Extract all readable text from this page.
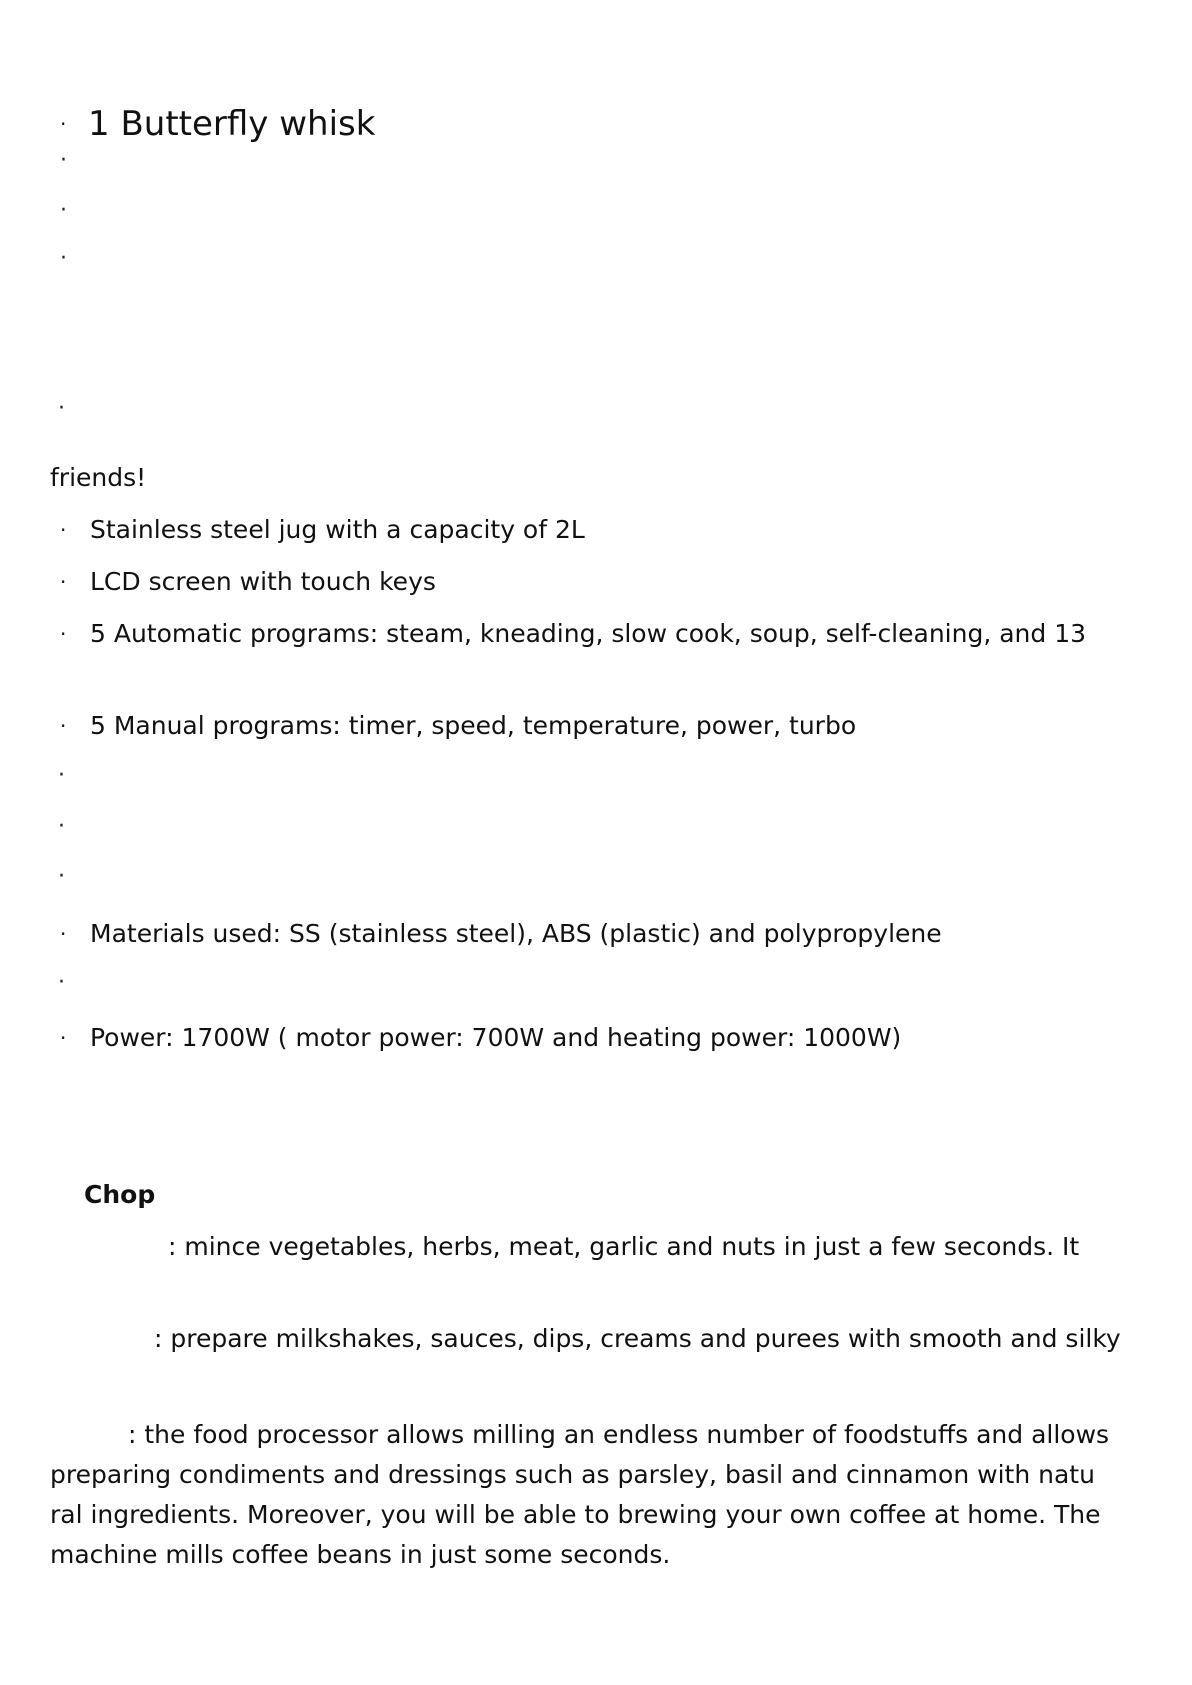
· 1 Butterfly whisk
·
·
·
·
friends!
· Stainless steel jug with a capacity of 2L
· LCD screen with touch keys
· 5 Automatic programs: steam, kneading, slow cook, soup, self-cleaning, and 13
· 5 Manual programs: timer, speed, temperature, power, turbo
·
·
·
· Materials used: SS (stainless steel), ABS (plastic) and polypropylene
·
· Power: 1700W ( motor power: 700W and heating power: 1000W)
Chop
: mince vegetables, herbs, meat, garlic and nuts in just a few seconds. It
: prepare milkshakes, sauces, dips, creams and purees with smooth and silky
: the food processor allows milling an endless number of foodstuffs and allows
preparing condiments and dressings such as parsley, basil and cinnamon with natu
ral ingredients. Moreover, you will be able to brewing your own coffee at home. The
machine mills coffee beans in just some seconds.
